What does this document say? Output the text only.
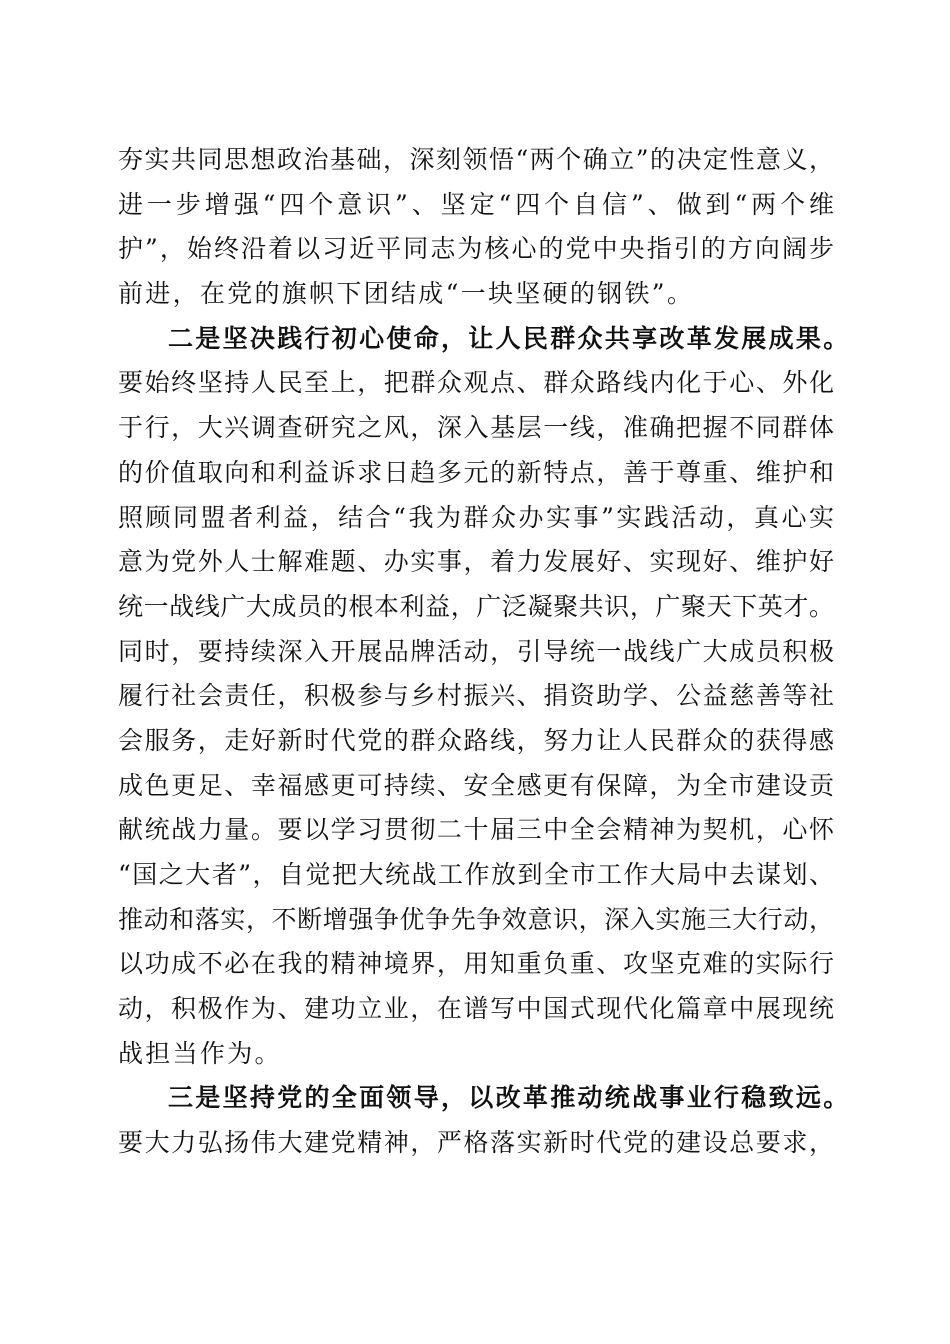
夯实共同思想政治基础，深刻领悟“两个确立”的决定性意义，
进一步增强“四个意识”、坚定“四个自信”、做到“两个维
护”，始终沿着以习近平同志为核心的党中央指引的方向阔步
前进，在党的旗帜下团结成“一块坚硬的钢铁”。
二是坚决践行初心使命，让人民群众共享改革发展成果。
要始终坚持人民至上，把群众观点、群众路线内化于心、外化
于行，大兴调查研究之风，深入基层一线，准确把握不同群体
的价值取向和利益诉求日趋多元的新特点，善于尊重、维护和
照顾同盟者利益，结合“我为群众办实事”实践活动，真心实
意为党外人士解难题、办实事，着力发展好、实现好、维护好
统一战线广大成员的根本利益，广泛凝聚共识，广聚天下英才。
同时，要持续深入开展品牌活动，引导统一战线广大成员积极
履行社会责任，积极参与乡村振兴、捐资助学、公益慈善等社
会服务，走好新时代党的群众路线，努力让人民群众的获得感
成色更足、幸福感更可持续、安全感更有保障，为全市建设贡
献统战力量。要以学习贯彻二十届三中全会精神为契机，心怀
“国之大者”，自觉把大统战工作放到全市工作大局中去谋划、
推动和落实，不断增强争优争先争效意识，深入实施三大行动，
以功成不必在我的精神境界，用知重负重、攻坚克难的实际行
动，积极作为、建功立业，在谱写中国式现代化篇章中展现统
战担当作为。
三是坚持党的全面领导，以改革推动统战事业行稳致远。
要大力弘扬伟大建党精神，严格落实新时代党的建设总要求，
